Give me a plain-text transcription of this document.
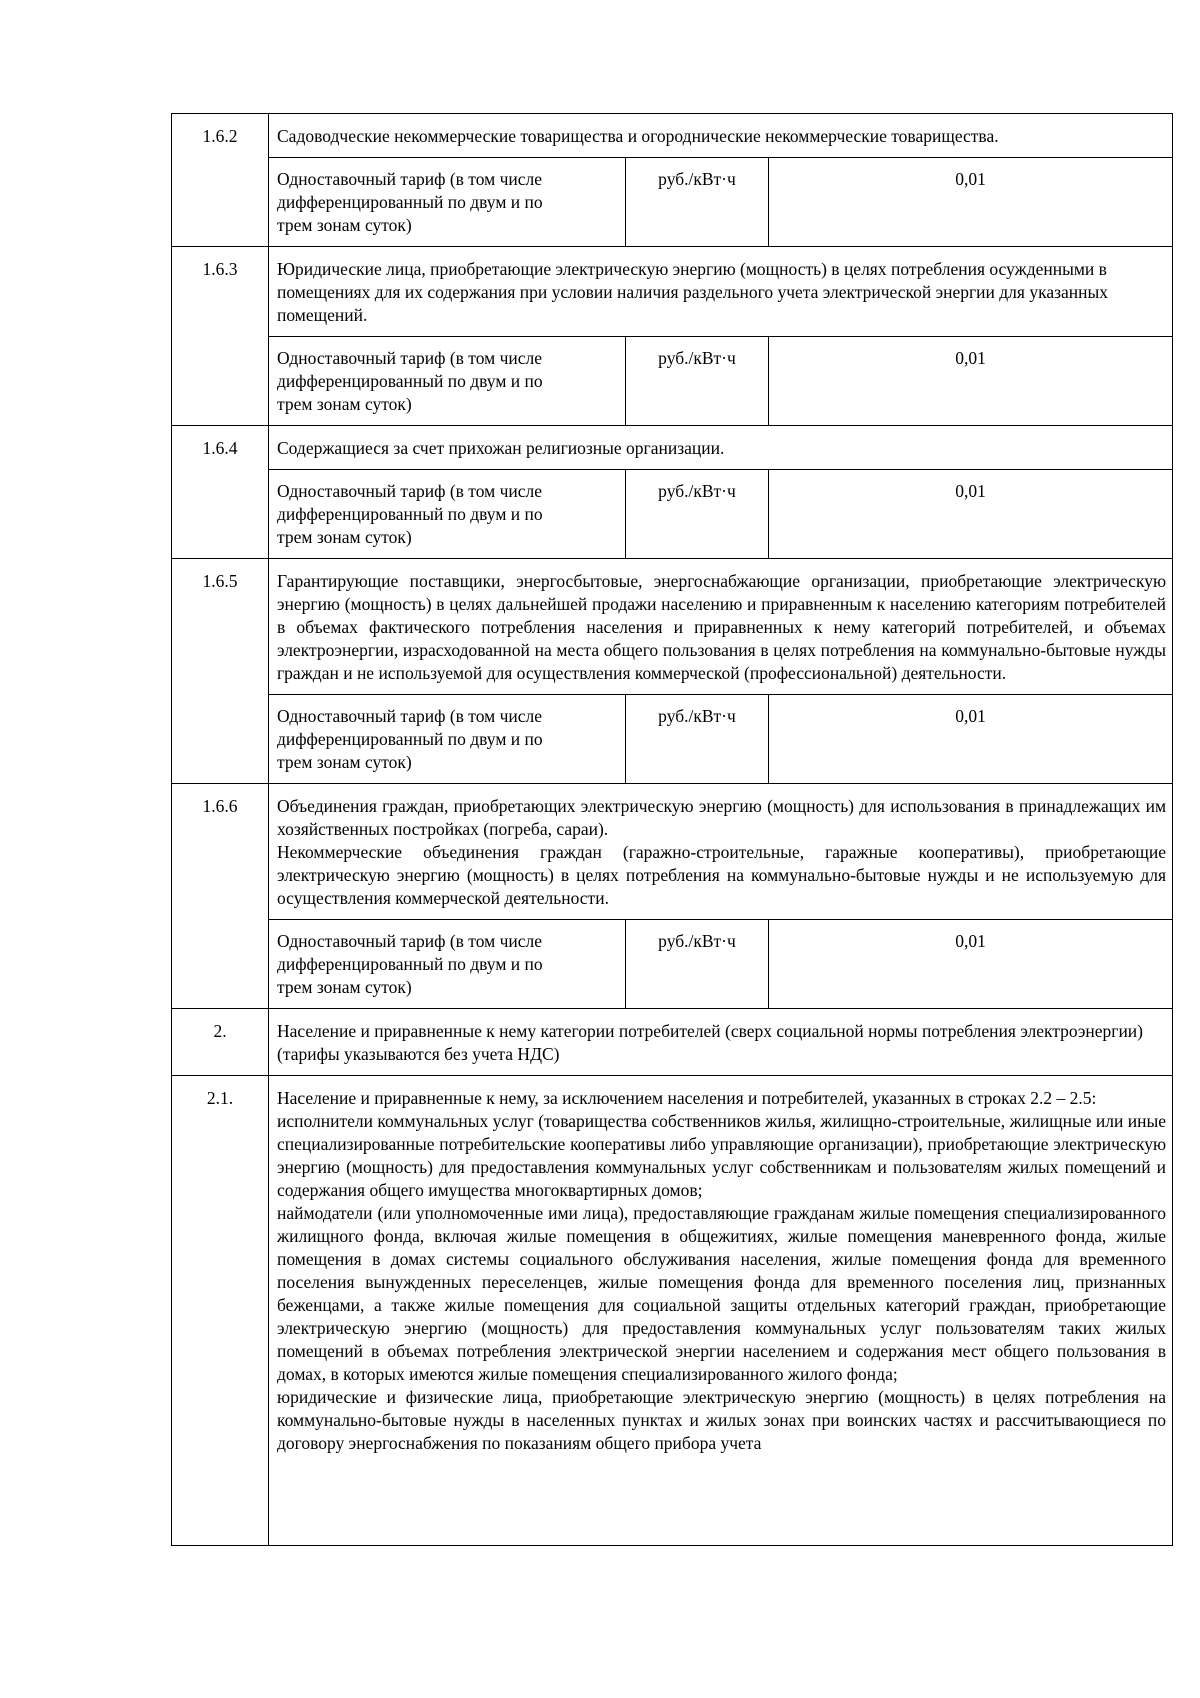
1.6.2	Садоводческие некоммерческие товарищества и огороднические некоммерческие товарищества.		

	Одноставочный тариф (в том числе
дифференцированный по двум и по
трем зонам суток)	руб./кВт·ч	0,01
1.6.3	Юридические лица, приобретающие электрическую энергию (мощность) в целях потребления осужденными в помещениях для их содержания при условии наличия раздельного учета электрической энергии для указанных помещений.		

	Одноставочный тариф (в том числе
дифференцированный по двум и по
трем зонам суток)	руб./кВт·ч	0,01
1.6.4	Содержащиеся за счет прихожан религиозные организации.		

	Одноставочный тариф (в том числе
дифференцированный по двум и по
трем зонам суток)	руб./кВт·ч	0,01
1.6.5	Гарантирующие поставщики, энергосбытовые, энергоснабжающие организации, приобретающие электрическую энергию (мощность) в целях дальнейшей продажи населению и приравненным к населению категориям потребителей в объемах фактического потребления населения и приравненных к нему категорий потребителей, и объемах электроэнергии, израсходованной на места общего пользования в целях потребления на коммунально-бытовые нужды граждан и не используемой для осуществления коммерческой (профессиональной) деятельности.		

	Одноставочный тариф (в том числе
дифференцированный по двум и по
трем зонам суток)	руб./кВт·ч	0,01
1.6.6	Объединения граждан, приобретающих электрическую энергию (мощность) для использования в принадлежащих им хозяйственных постройках (погреба, сараи).
Некоммерческие объединения граждан (гаражно-строительные, гаражные кооперативы), приобретающие электрическую энергию (мощность) в целях потребления на коммунально-бытовые нужды и не используемую для осуществления коммерческой деятельности.		

	Одноставочный тариф (в том числе
дифференцированный по двум и по
трем зонам суток)	руб./кВт·ч	0,01
2.	Население и приравненные к нему категории потребителей (сверх социальной нормы потребления электроэнергии) (тарифы указываются без учета НДС)		

2.1.	Население и приравненные к нему, за исключением населения и потребителей, указанных в строках 2.2 – 2.5:
исполнители коммунальных услуг (товарищества собственников жилья, жилищно-строительные, жилищные или иные специализированные потребительские кооперативы либо управляющие организации), приобретающие электрическую энергию (мощность) для предоставления коммунальных услуг собственникам и пользователям жилых помещений и содержания общего имущества многоквартирных домов;
наймодатели (или уполномоченные ими лица), предоставляющие гражданам жилые помещения специализированного жилищного фонда, включая жилые помещения в общежитиях, жилые помещения маневренного фонда, жилые помещения в домах системы социального обслуживания населения, жилые помещения фонда для временного поселения вынужденных переселенцев, жилые помещения фонда для временного поселения лиц, признанных беженцами, а также жилые помещения для социальной защиты отдельных категорий граждан, приобретающие электрическую энергию (мощность) для предоставления коммунальных услуг пользователям таких жилых помещений в объемах потребления электрической энергии населением и содержания мест общего пользования в домах, в которых имеются жилые помещения специализированного жилого фонда;
юридические и физические лица, приобретающие электрическую энергию (мощность) в целях потребления на коммунально-бытовые нужды в населенных пунктах и жилых зонах при воинских частях и рассчитывающиеся по договору энергоснабжения по показаниям общего прибора учета		
